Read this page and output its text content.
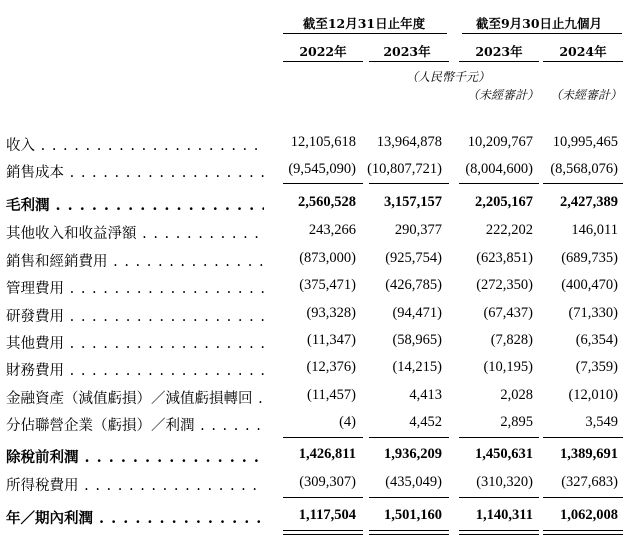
截至12月31日止年度	截至9月30日止九個月
2022年	2023年	2023年	2024年
（人民幣千元）
（未經審計） （未經審計）
收入 . . .	12,105,618	13,964,878	10,209,767	10,995,465
銷售成本 . . .	(9,545,090) (10,807,721)	(8,004,600)	(8,568,076)
毛利潤 . . .	2,560,528	3,157,157	2,205,167	2,427,389
其他收入和收益淨額 . . .	243,266	290,377	222,202	146,011
銷售和經銷費用 . . .	(873,000)	(925,754)	(623,851)	(689,735)
管理費用 . . .	(375,471)	(426,785)	(272,350)	(400,470)
研發費用 . . .	(93,328)	(94,471)	(67,437)	(71,330)
其他費用 . . .	(11,347)	(58,965)	(7,828)	(6,354)
財務費用 . . .	(12,376)	(14,215)	(10,195)	(7,359)
金融資產（減值虧損）／減值虧損轉回 . . .	(11,457)	4,413	2,028	(12,010)
分佔聯營企業（虧損）／利潤 . . .	(4)	4,452	2,895	3,549
除稅前利潤 . . .	1,426,811	1,936,209	1,450,631	1,389,691
所得稅費用 . . .	(309,307)	(435,049)	(310,320)	(327,683)
年／期內利潤 . . .	1,117,504	1,501,160	1,140,311	1,062,008
